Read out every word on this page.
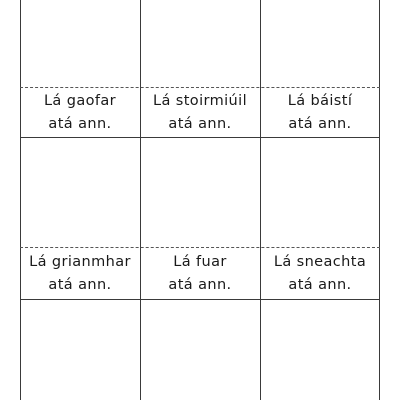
Lá gaofar
atá ann.
Lá stoirmiúil
atá ann.
Lá báistí
atá ann.
Lá grianmhar
atá ann.
Lá fuar
atá ann.
Lá sneachta
atá ann.
